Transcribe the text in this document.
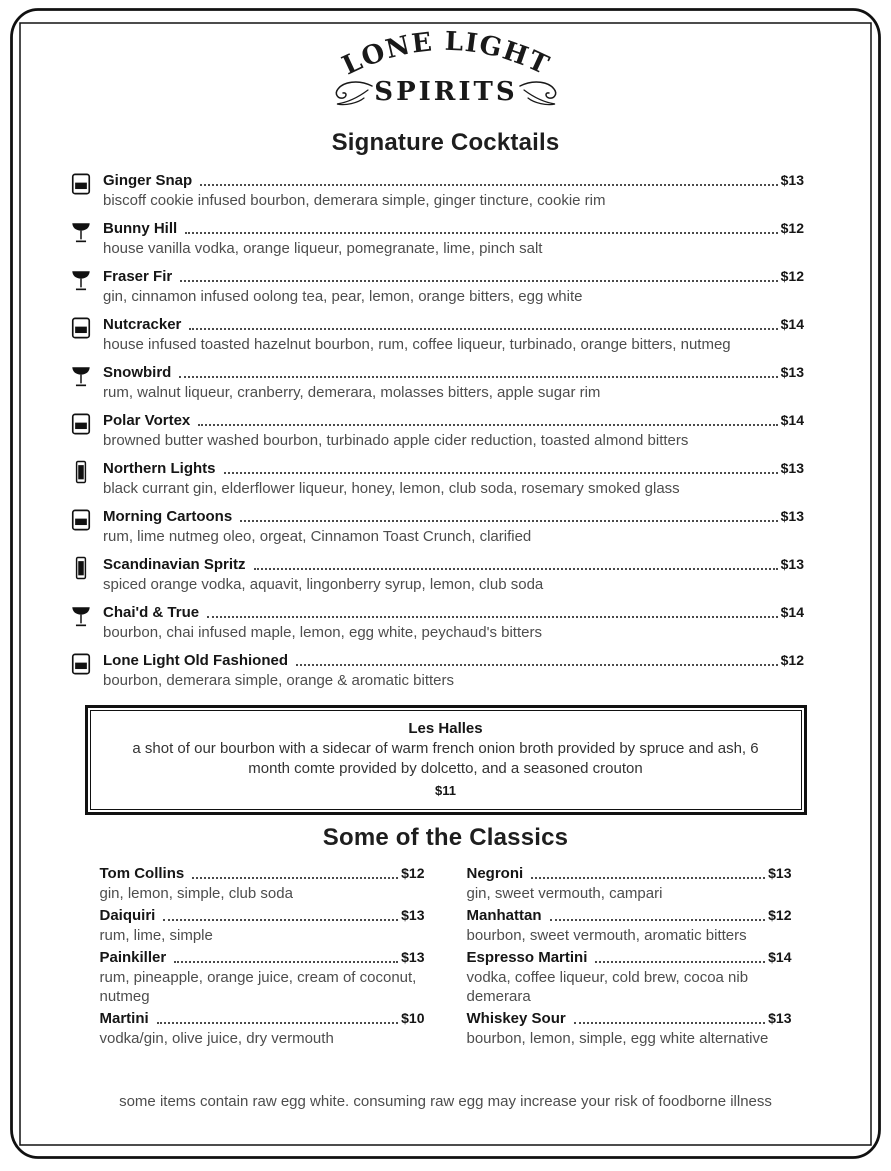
LONE LIGHT
SPIRITS
Signature Cocktails
Ginger Snap	$13
biscoff cookie infused bourbon, demerara simple, ginger tincture, cookie rim
Bunny Hill	$12
house vanilla vodka, orange liqueur, pomegranate, lime, pinch salt
Fraser Fir	$12
gin, cinnamon infused oolong tea, pear, lemon, orange bitters, egg white
Nutcracker	$14
house infused toasted hazelnut bourbon, rum, coffee liqueur, turbinado, orange bitters, nutmeg
Snowbird	$13
rum, walnut liqueur, cranberry, demerara, molasses bitters, apple sugar rim
Polar Vortex	$14
browned butter washed bourbon, turbinado apple cider reduction, toasted almond bitters
Northern Lights	$13
black currant gin, elderflower liqueur, honey, lemon, club soda, rosemary smoked glass
Morning Cartoons	$13
rum, lime nutmeg oleo, orgeat, Cinnamon Toast Crunch, clarified
Scandinavian Spritz	$13
spiced orange vodka, aquavit, lingonberry syrup, lemon, club soda
Chai'd & True	$14
bourbon, chai infused maple, lemon, egg white, peychaud's bitters
Lone Light Old Fashioned	$12
bourbon, demerara simple, orange & aromatic bitters
Les Halles
a shot of our bourbon with a sidecar of warm french onion broth provided by spruce and ash, 6 month comte provided by dolcetto, and a seasoned crouton
$11
Some of the Classics
Tom Collins	$12
gin, lemon, simple, club soda
Daiquiri	$13
rum, lime, simple
Painkiller	$13
rum, pineapple, orange juice, cream of coconut, nutmeg
Martini	$10
vodka/gin, olive juice, dry vermouth
Negroni	$13
gin, sweet vermouth, campari
Manhattan	$12
bourbon, sweet vermouth, aromatic bitters
Espresso Martini	$14
vodka, coffee liqueur, cold brew, cocoa nib demerara
Whiskey Sour	$13
bourbon, lemon, simple, egg white alternative
some items contain raw egg white. consuming raw egg may increase your risk of foodborne illness
